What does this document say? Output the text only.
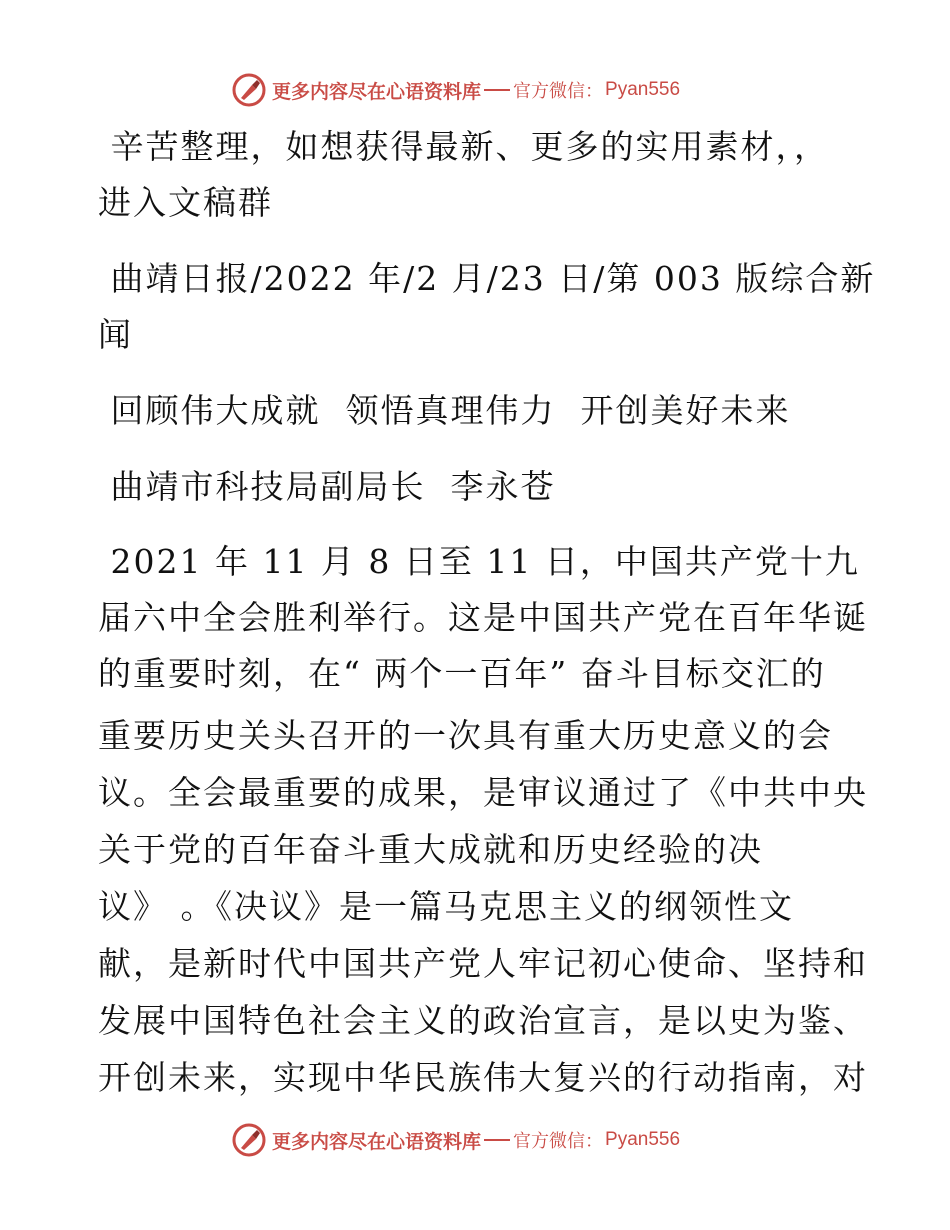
更多内容尽在心语资料库 官方微信： Pyan556
辛苦整理，如想获得最新、更多的实用素材，，
进入文稿群
曲靖日报/2022 年/2 月/23 日/第 003 版综合新
闻
回顾伟大成就  领悟真理伟力  开创美好未来
曲靖市科技局副局长  李永苍
2021 年 11 月 8 日至 11 日，中国共产党十九
届六中全会胜利举行。这是中国共产党在百年华诞
的重要时刻，在“ 两个一百年” 奋斗目标交汇的
重要历史关头召开的一次具有重大历史意义的会
议。全会最重要的成果，是审议通过了《中共中央
关于党的百年奋斗重大成就和历史经验的决
议》 。《决议》是一篇马克思主义的纲领性文
献，是新时代中国共产党人牢记初心使命、坚持和
发展中国特色社会主义的政治宣言，是以史为鉴、
开创未来，实现中华民族伟大复兴的行动指南，对
更多内容尽在心语资料库 官方微信： Pyan556
